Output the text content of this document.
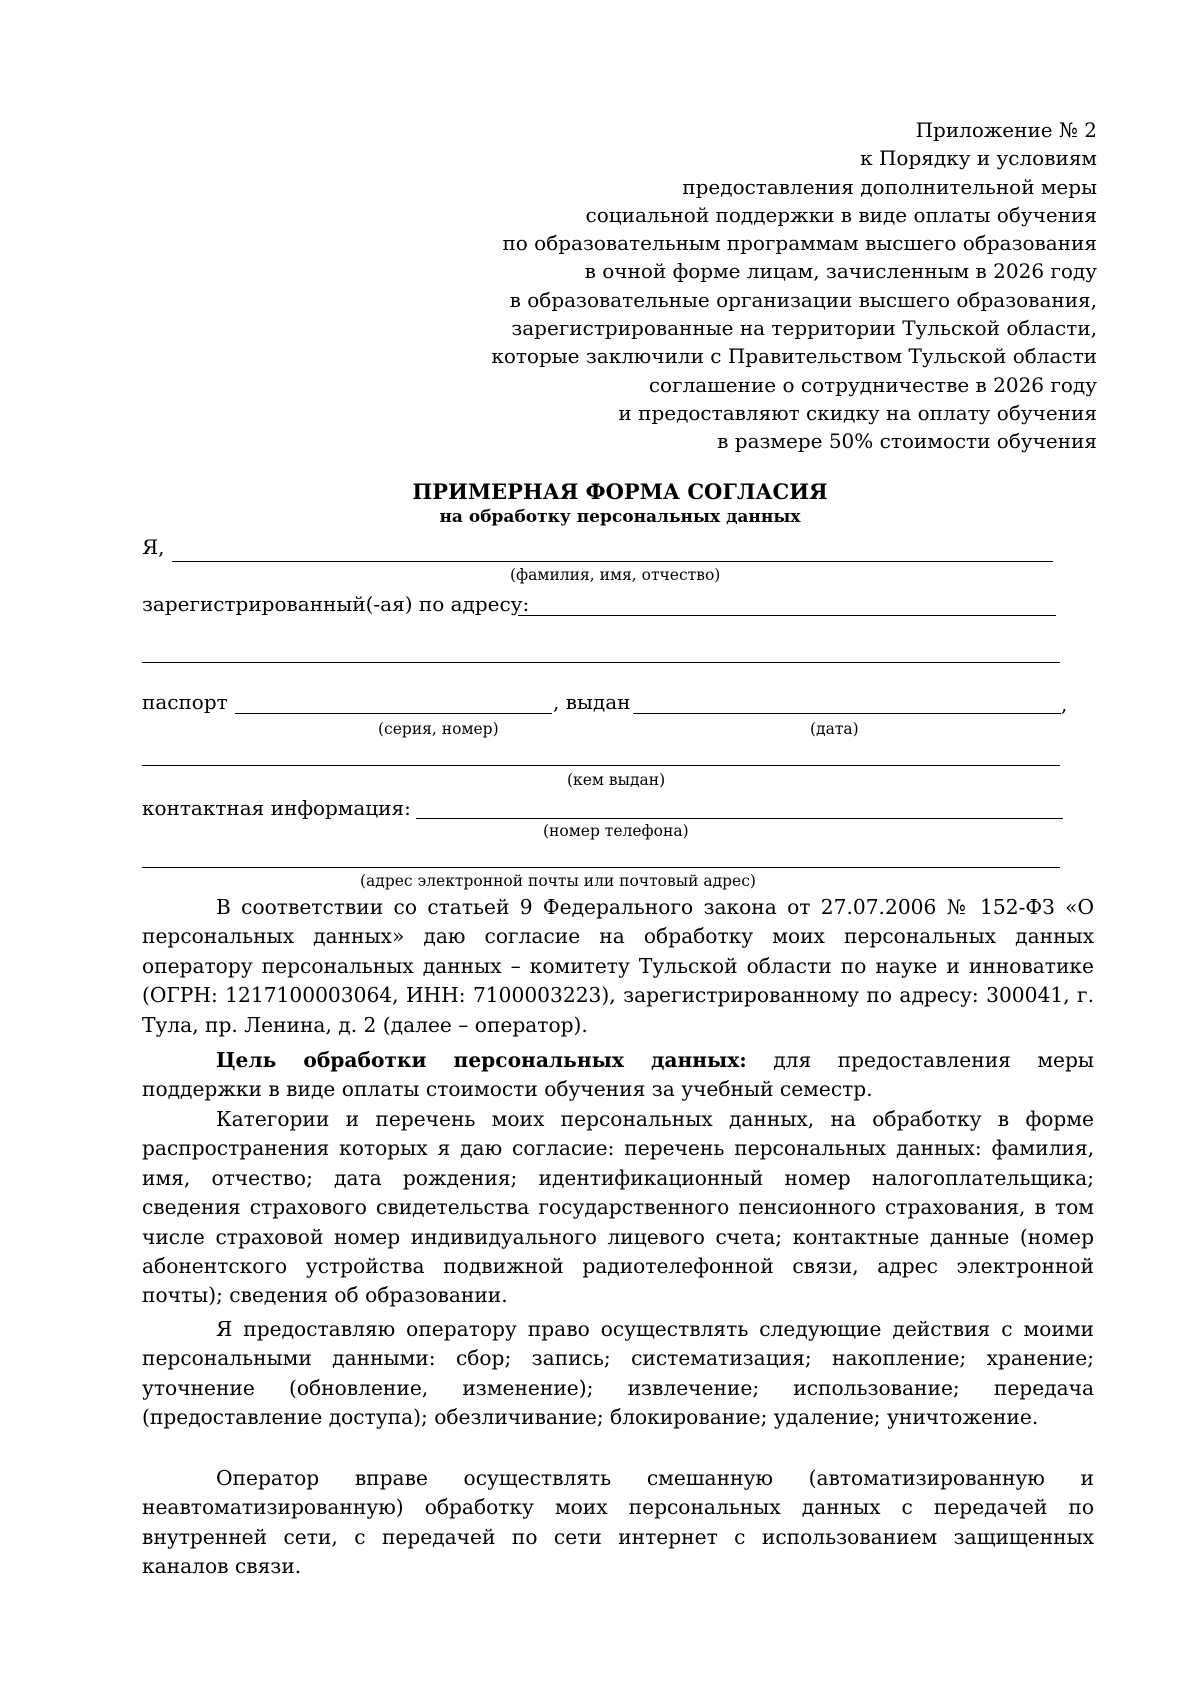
Приложение № 2
к Порядку и условиям
предоставления дополнительной меры
социальной поддержки в виде оплаты обучения
по образовательным программам высшего образования
в очной форме лицам, зачисленным в 2026 году
в образовательные организации высшего образования,
зарегистрированные на территории Тульской области,
которые заключили с Правительством Тульской области
соглашение о сотрудничестве в 2026 году
и предоставляют скидку на оплату обучения
в размере 50% стоимости обучения
ПРИМЕРНАЯ ФОРМА СОГЛАСИЯ
на обработку персональных данных
Я,
(фамилия, имя, отчество)
зарегистрированный(-ая) по адресу:
паспорт	, выдан	,
(серия, номер)	(дата)
(кем выдан)
контактная информация:
(номер телефона)
(адрес электронной почты или почтовый адрес)

В соответствии со статьей 9 Федерального закона от 27.07.2006 № 152-ФЗ «О персональных данных» даю согласие на обработку моих персональных данных оператору персональных данных – комитету Тульской области по науке и инноватике (ОГРН: 1217100003064, ИНН: 7100003223), зарегистрированному по адресу: 300041, г. Тула, пр. Ленина, д. 2 (далее – оператор).

Цель обработки персональных данных: для предоставления меры поддержки в виде оплаты стоимости обучения за учебный семестр.

Категории и перечень моих персональных данных, на обработку в форме распространения которых я даю согласие: перечень персональных данных: фамилия, имя, отчество; дата рождения; идентификационный номер налогоплательщика; сведения страхового свидетельства государственного пенсионного страхования, в том числе страховой номер индивидуального лицевого счета; контактные данные (номер абонентского устройства подвижной радиотелефонной связи, адрес электронной почты); сведения об образовании.

Я предоставляю оператору право осуществлять следующие действия с моими персональными данными: сбор; запись; систематизация; накопление; хранение; уточнение (обновление, изменение); извлечение; использование; передача (предоставление доступа); обезличивание; блокирование; удаление; уничтожение.

Оператор вправе осуществлять смешанную (автоматизированную и неавтоматизированную) обработку моих персональных данных с передачей по внутренней сети, с передачей по сети интернет с использованием защищенных каналов связи.
